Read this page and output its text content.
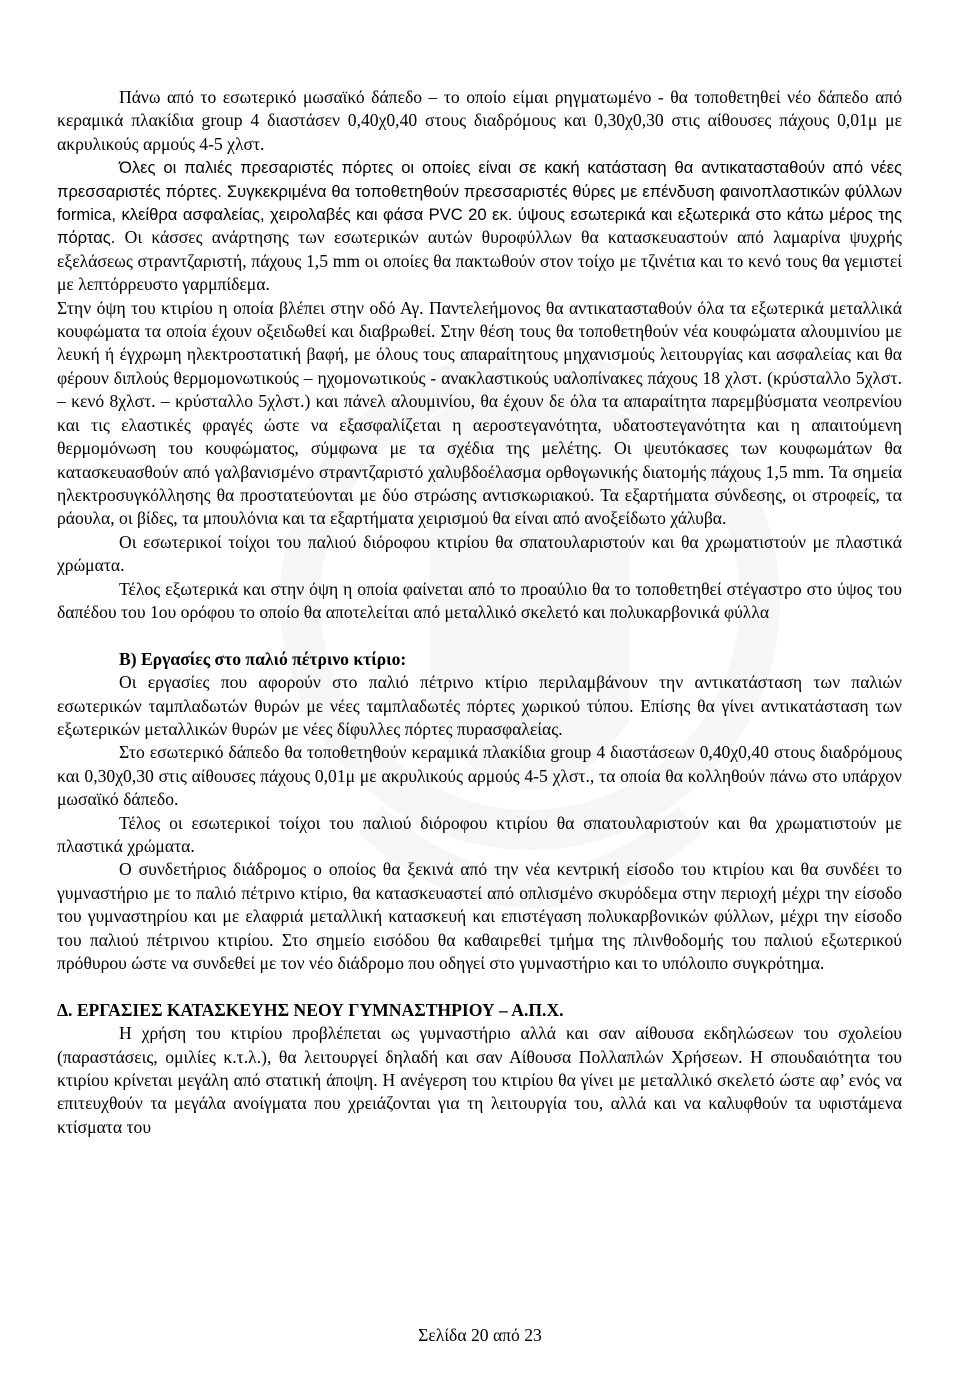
Πάνω από το εσωτερικό μωσαϊκό δάπεδο – το οποίο είμαι ρηγματωμένο - θα τοποθετηθεί νέο δάπεδο από κεραμικά πλακίδια group 4 διαστάσεν 0,40χ0,40 στους διαδρόμους και 0,30χ0,30 στις αίθουσες πάχους 0,01μ με ακρυλικούς αρμούς 4-5 χλστ.

Όλες οι παλιές πρεσαριστές πόρτες οι οποίες είναι σε κακή κατάσταση θα αντικατασταθούν από νέες πρεσσαριστές πόρτες. Συγκεκριμένα θα τοποθετηθούν πρεσσαριστές θύρες με επένδυση φαινοπλαστικών φύλλων formica, κλείθρα ασφαλείας, χειρολαβές και φάσα PVC 20 εκ. ύψους εσωτερικά και εξωτερικά στο κάτω μέρος της πόρτας. Οι κάσσες ανάρτησης των εσωτερικών αυτών θυροφύλλων θα κατασκευαστούν από λαμαρίνα ψυχρής εξελάσεως στραντζαριστή, πάχους 1,5 mm οι οποίες θα πακτωθούν στον τοίχο με τζινέτια και το κενό τους θα γεμιστεί με λεπτόρρευστο γαρμπίδεμα.

Στην όψη του κτιρίου η οποία βλέπει στην οδό Αγ. Παντελεήμονος θα αντικατασταθούν όλα τα εξωτερικά μεταλλικά κουφώματα τα οποία έχουν οξειδωθεί και διαβρωθεί. Στην θέση τους θα τοποθετηθούν νέα κουφώματα αλουμινίου με λευκή ή έγχρωμη ηλεκτροστατική βαφή, με όλους τους απαραίτητους μηχανισμούς λειτουργίας και ασφαλείας και θα φέρουν διπλούς θερμομονωτικούς – ηχομονωτικούς - ανακλαστικούς υαλοπίνακες πάχους 18 χλστ. (κρύσταλλο 5χλστ. – κενό 8χλστ. – κρύσταλλο 5χλστ.) και πάνελ αλουμινίου, θα έχουν δε όλα τα απαραίτητα παρεμβύσματα νεοπρενίου και τις ελαστικές φραγές ώστε να εξασφαλίζεται η αεροστεγανότητα, υδατοστεγανότητα και η απαιτούμενη θερμομόνωση του κουφώματος, σύμφωνα με τα σχέδια της μελέτης. Οι ψευτόκασες των κουφωμάτων θα κατασκευασθούν από γαλβανισμένο στραντζαριστό χαλυβδοέλασμα ορθογωνικής διατομής πάχους 1,5 mm. Τα σημεία ηλεκτροσυγκόλλησης θα προστατεύονται με δύο στρώσης αντισκωριακού. Τα εξαρτήματα σύνδεσης, οι στροφείς, τα ράουλα, οι βίδες, τα μπουλόνια και τα εξαρτήματα χειρισμού θα είναι από ανοξείδωτο χάλυβα.

Οι εσωτερικοί τοίχοι του παλιού διόροφου κτιρίου θα σπατουλαριστούν και θα χρωματιστούν με πλαστικά χρώματα.

Τέλος εξωτερικά και στην όψη η οποία φαίνεται από το προαύλιο θα το τοποθετηθεί στέγαστρο στο ύψος του δαπέδου του 1ου ορόφου το οποίο θα αποτελείται από μεταλλικό σκελετό και πολυκαρβονικά φύλλα

Β) Εργασίες στο παλιό πέτρινο κτίριο:

Οι εργασίες που αφορούν στο παλιό πέτρινο κτίριο περιλαμβάνουν την αντικατάσταση των παλιών εσωτερικών ταμπλαδωτών θυρών με νέες ταμπλαδωτές πόρτες χωρικού τύπου. Επίσης θα γίνει αντικατάσταση των εξωτερικών μεταλλικών θυρών με νέες δίφυλλες πόρτες πυρασφαλείας.

Στο εσωτερικό δάπεδο θα τοποθετηθούν κεραμικά πλακίδια group 4 διαστάσεων 0,40χ0,40 στους διαδρόμους και 0,30χ0,30 στις αίθουσες πάχους 0,01μ με ακρυλικούς αρμούς 4-5 χλστ., τα οποία θα κολληθούν πάνω στο υπάρχον μωσαϊκό δάπεδο.

Τέλος οι εσωτερικοί τοίχοι του παλιού διόροφου κτιρίου θα σπατουλαριστούν και θα χρωματιστούν με πλαστικά χρώματα.

Ο συνδετήριος διάδρομος ο οποίος θα ξεκινά από την νέα κεντρική είσοδο του κτιρίου και θα συνδέει το γυμναστήριο με το παλιό πέτρινο κτίριο, θα κατασκευαστεί από οπλισμένο σκυρόδεμα στην περιοχή μέχρι την είσοδο του γυμναστηρίου και με ελαφριά μεταλλική κατασκευή και επιστέγαση πολυκαρβονικών φύλλων, μέχρι την είσοδο του παλιού πέτρινου κτιρίου. Στο σημείο εισόδου θα καθαιρεθεί τμήμα της πλινθοδομής του παλιού εξωτερικού πρόθυρου ώστε να συνδεθεί με τον νέο διάδρομο που οδηγεί στο γυμναστήριο και το υπόλοιπο συγκρότημα.

Δ. ΕΡΓΑΣΙΕΣ ΚΑΤΑΣΚΕΥΗΣ ΝΕΟΥ ΓΥΜΝΑΣΤΗΡΙΟΥ – Α.Π.Χ.

Η χρήση του κτιρίου προβλέπεται ως γυμναστήριο αλλά και σαν αίθουσα εκδηλώσεων του σχολείου (παραστάσεις, ομιλίες κ.τ.λ.), θα λειτουργεί δηλαδή και σαν Αίθουσα Πολλαπλών Χρήσεων. Η σπουδαιότητα του κτιρίου κρίνεται μεγάλη από στατική άποψη. Η ανέγερση του κτιρίου θα γίνει με μεταλλικό σκελετό ώστε αφ’ ενός να επιτευχθούν τα μεγάλα ανοίγματα που χρειάζονται για τη λειτουργία του, αλλά και να καλυφθούν τα υφιστάμενα κτίσματα του

Σελίδα 20 από 23
